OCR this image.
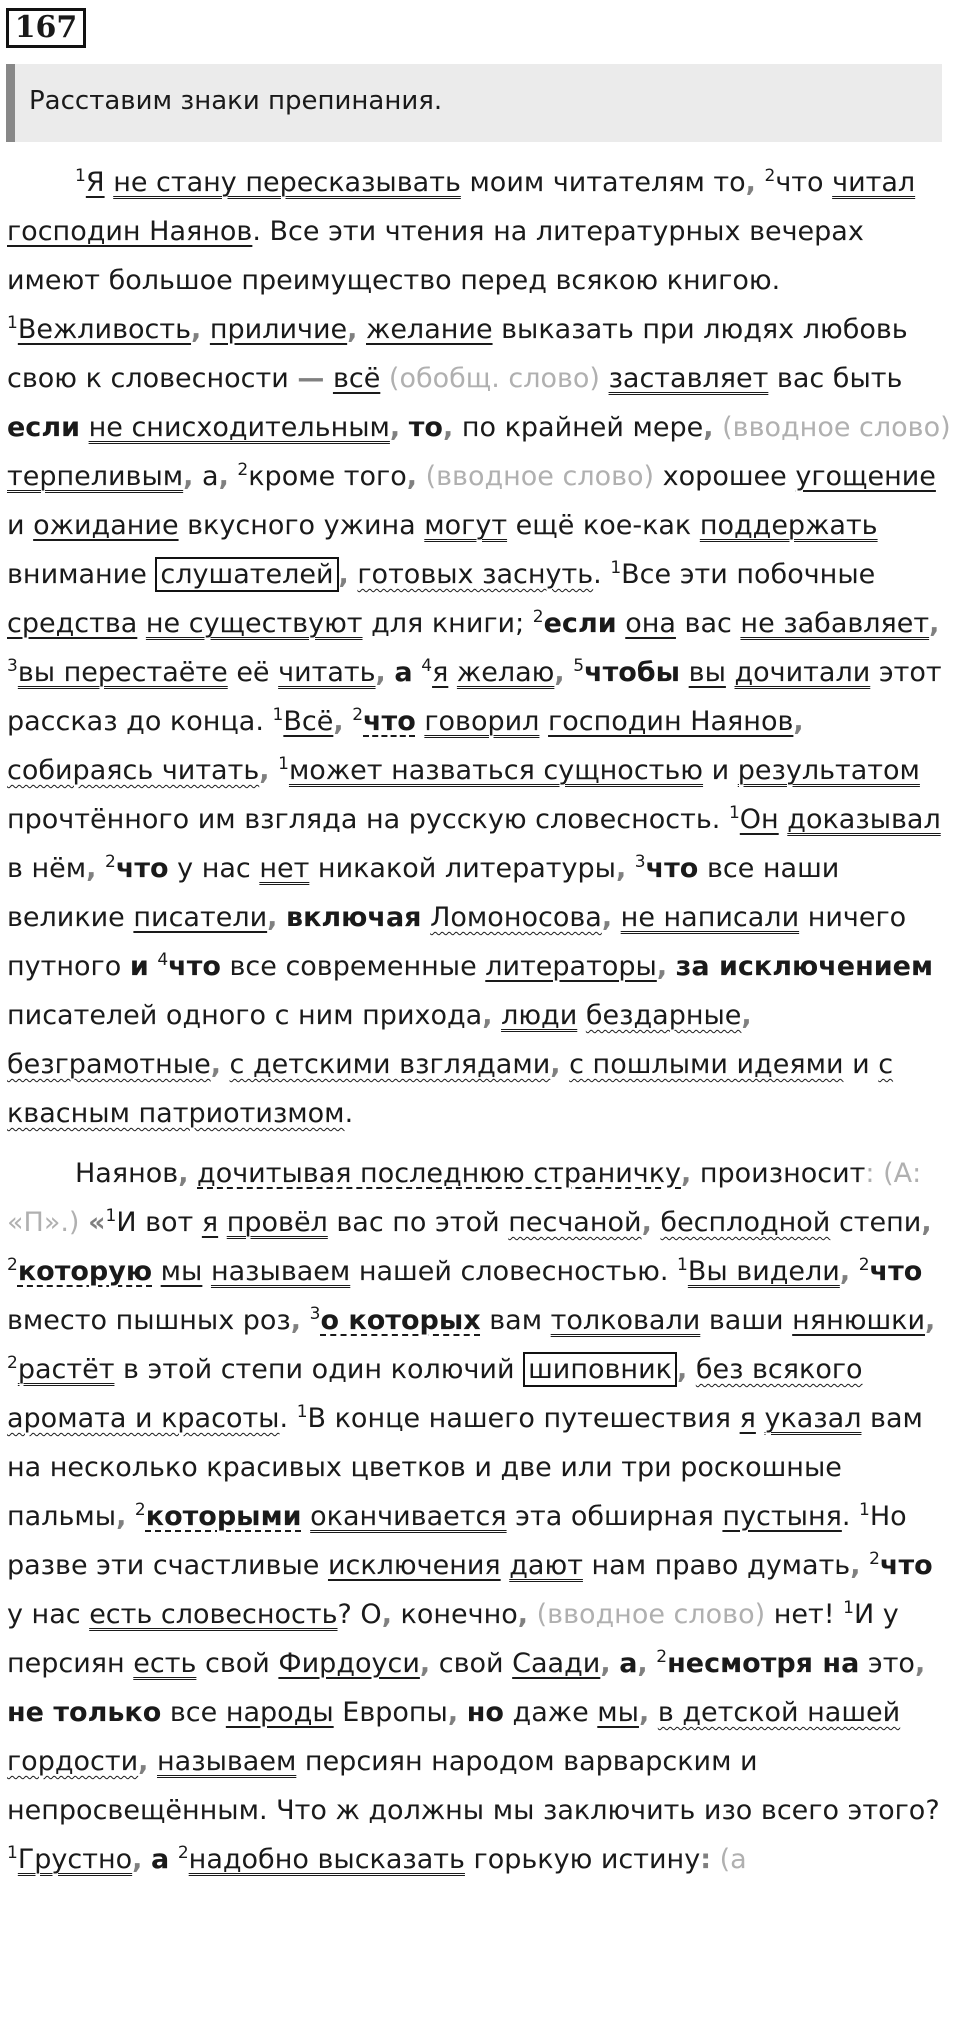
167
Расставим знаки препинания.

$^1$Я не стану пересказывать моим читателям то, $^2$что читал господин Наянов. Все эти чтения на литературных вечерах имеют большое преимущество перед всякою книгою. $^1$Вежливость, приличие, желание выказать при людях любовь свою к словесности — всё (обобщ. слово) заставляет вас быть если не снисходительным, то, по крайней мере, (вводное слово) терпеливым, а, $^2$кроме того, (вводное слово) хорошее угощение и ожидание вкусного ужина могут ещё кое-как поддержать внимание слушателей , готовых заснуть. $^1$Все эти побочные средства не существуют для книги; $^2$если она вас не забавляет, $^3$вы перестаёте её читать, а $^4$я желаю, $^5$чтобы вы дочитали этот рассказ до конца. $^1$Всё, $^2$что говорил господин Наянов, собираясь читать, $^1$может назваться сущностью и результатом прочтённого им взгляда на русскую словесность. $^1$Он доказывал в нём, $^2$что у нас нет никакой литературы, $^3$что все наши великие писатели, включая Ломоносова, не написали ничего путного и $^4$что все современные литераторы, за исключением писателей одного с ним прихода, люди бездарные, безграмотные, с детскими взглядами, с пошлыми идеями и с квасным патриотизмом.

Наянов, дочитывая последнюю страничку, произносит: (А: «П».) «$^1$И вот я провёл вас по этой песчаной, бесплодной степи, $^2$которую мы называем нашей словесностью. $^1$Вы видели, $^2$что вместо пышных роз, $^3$о которых вам толковали ваши нянюшки, $^2$растёт в этой степи один колючий шиповник , без всякого аромата и красоты. $^1$В конце нашего путешествия я указал вам на несколько красивых цветков и две или три роскошные пальмы, $^2$которыми оканчивается эта обширная пустыня. $^1$Но разве эти счастливые исключения дают нам право думать, $^2$что у нас есть словесность? О, конечно, (вводное слово) нет! $^1$И у персиян есть свой Фирдоуси, свой Саади, а, $^2$несмотря на это, не только все народы Европы, но даже мы, в детской нашей гордости, называем персиян народом варварским и непросвещённым. Что ж должны мы заключить изо всего этого? $^1$Грустно, а $^2$надобно высказать горькую истину: (а
